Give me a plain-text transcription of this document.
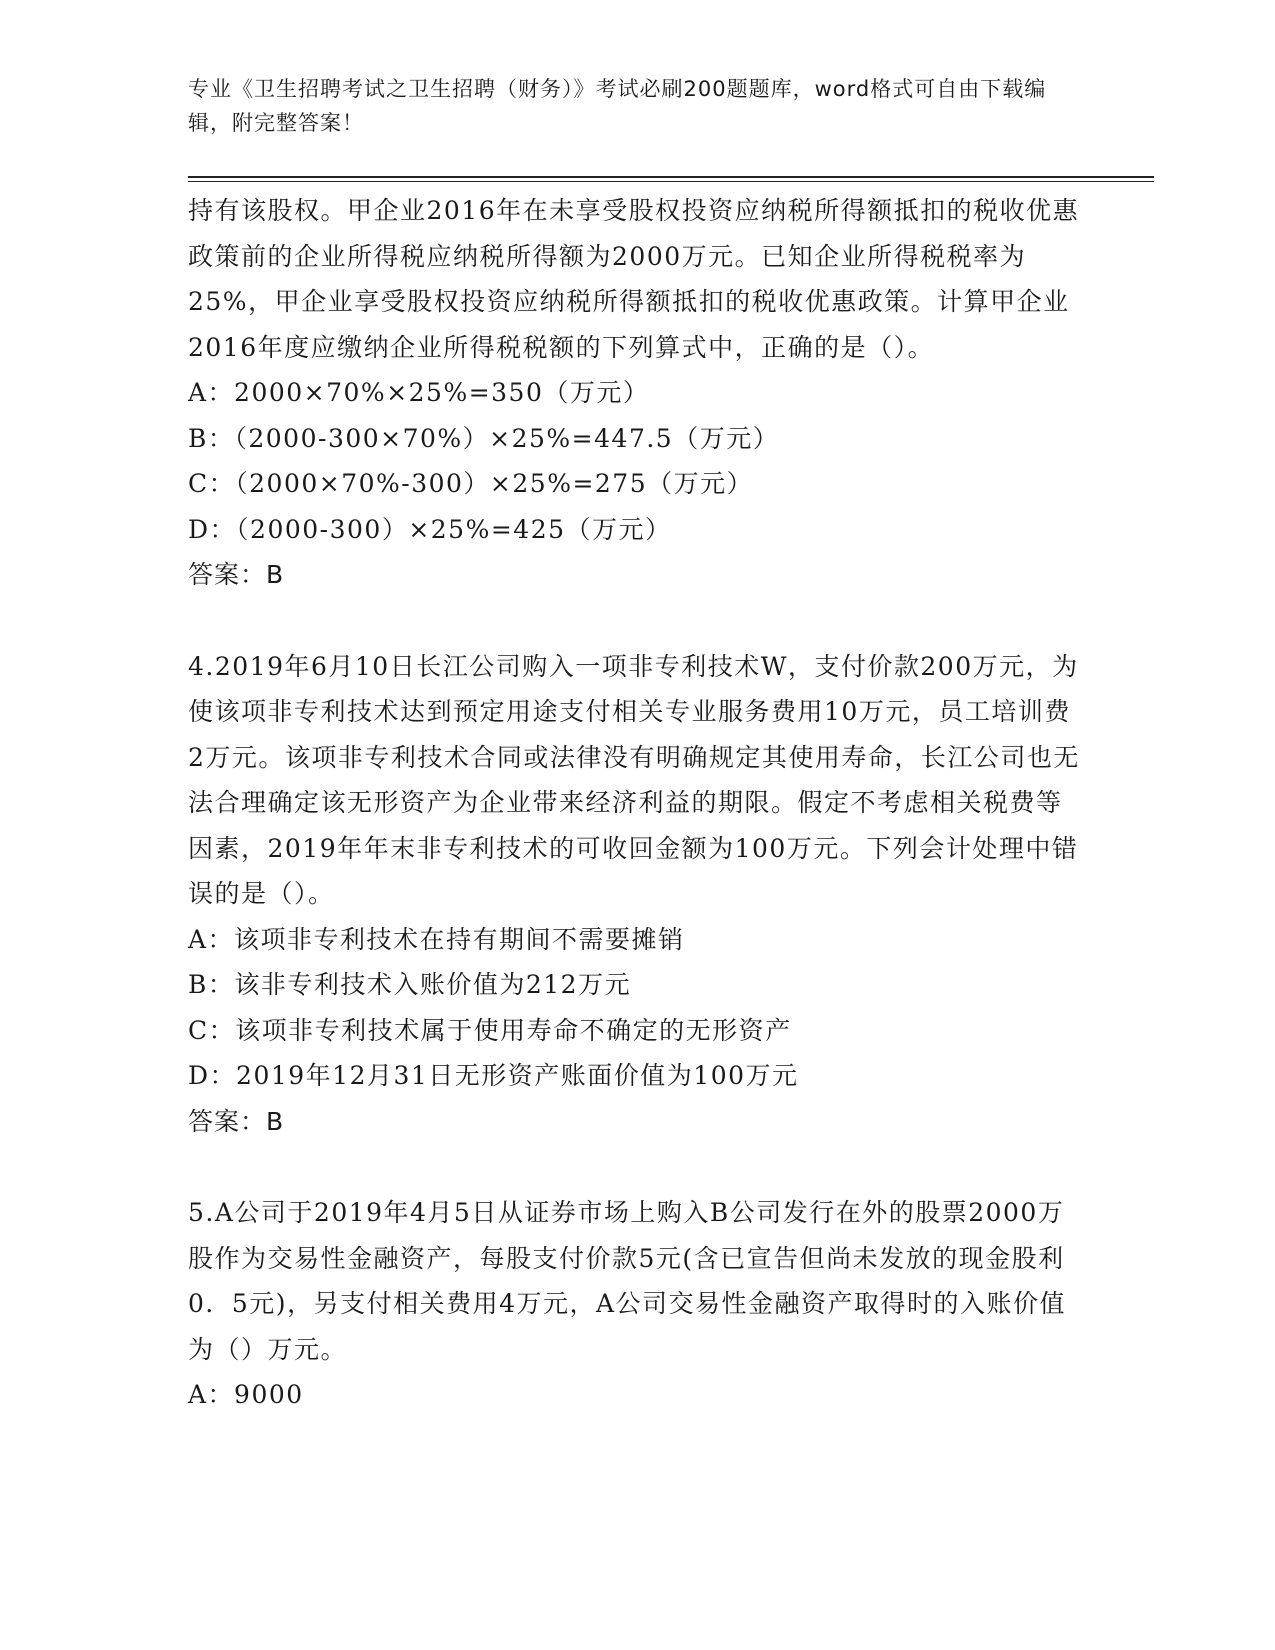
专业《卫生招聘考试之卫生招聘（财务）》考试必刷200题题库，word格式可自由下载编辑，附完整答案！

持有该股权。甲企业2016年在未享受股权投资应纳税所得额抵扣的税收优惠政策前的企业所得税应纳税所得额为2000万元。已知企业所得税税率为25%，甲企业享受股权投资应纳税所得额抵扣的税收优惠政策。计算甲企业2016年度应缴纳企业所得税税额的下列算式中，正确的是（）。

A：2000×70%×25%=350（万元）

B：（2000-300×70%）×25%=447.5（万元）

C：（2000×70%-300）×25%=275（万元）

D：（2000-300）×25%=425（万元）

答案：B

4.2019年6月10日长江公司购入一项非专利技术W，支付价款200万元，为使该项非专利技术达到预定用途支付相关专业服务费用10万元，员工培训费2万元。该项非专利技术合同或法律没有明确规定其使用寿命，长江公司也无法合理确定该无形资产为企业带来经济利益的期限。假定不考虑相关税费等因素，2019年年末非专利技术的可收回金额为100万元。下列会计处理中错误的是（）。

A：该项非专利技术在持有期间不需要摊销

B：该非专利技术入账价值为212万元

C：该项非专利技术属于使用寿命不确定的无形资产

D：2019年12月31日无形资产账面价值为100万元

答案：B

5.A公司于2019年4月5日从证券市场上购入B公司发行在外的股票2000万股作为交易性金融资产，每股支付价款5元(含已宣告但尚未发放的现金股利0．5元)，另支付相关费用4万元，A公司交易性金融资产取得时的入账价值为（）万元。

A：9000
